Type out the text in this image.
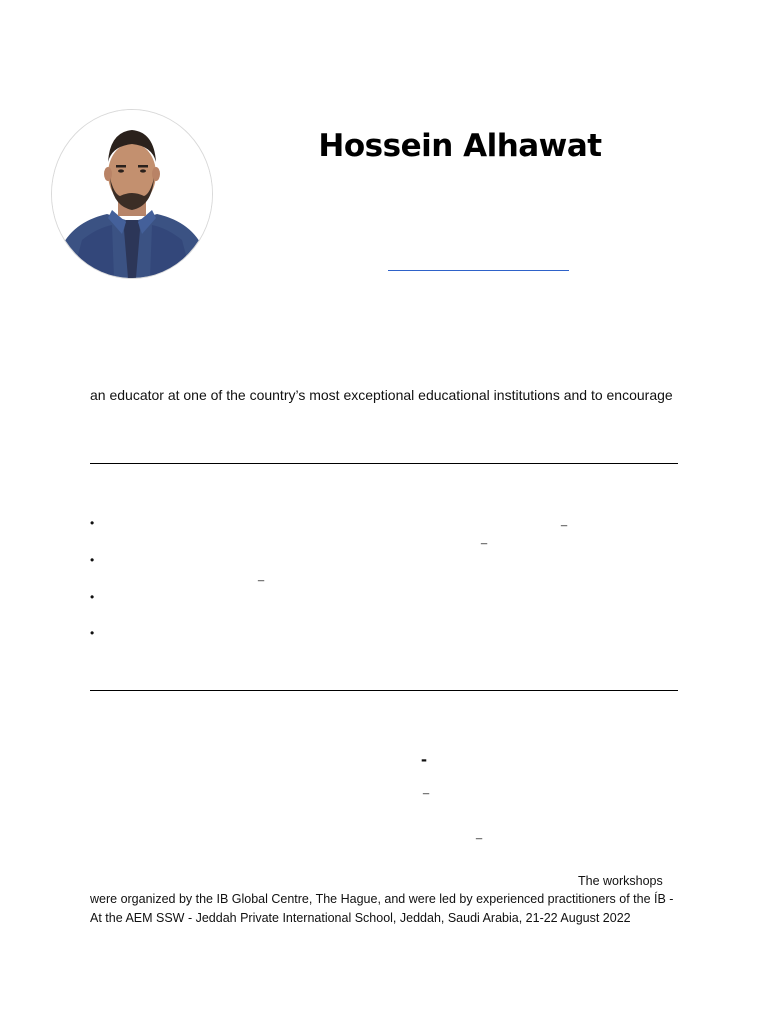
Hossein Alhawat
an educator at one of the country’s most exceptional educational institutions and to encourage
•	_
_
•
_
•
•
-
_
_
The workshops
were organized by the IB Global Centre, The Hague, and were led by experienced practitioners of the ÍB -
At the AEM SSW - Jeddah Private International School, Jeddah, Saudi Arabia, 21-22 August 2022
